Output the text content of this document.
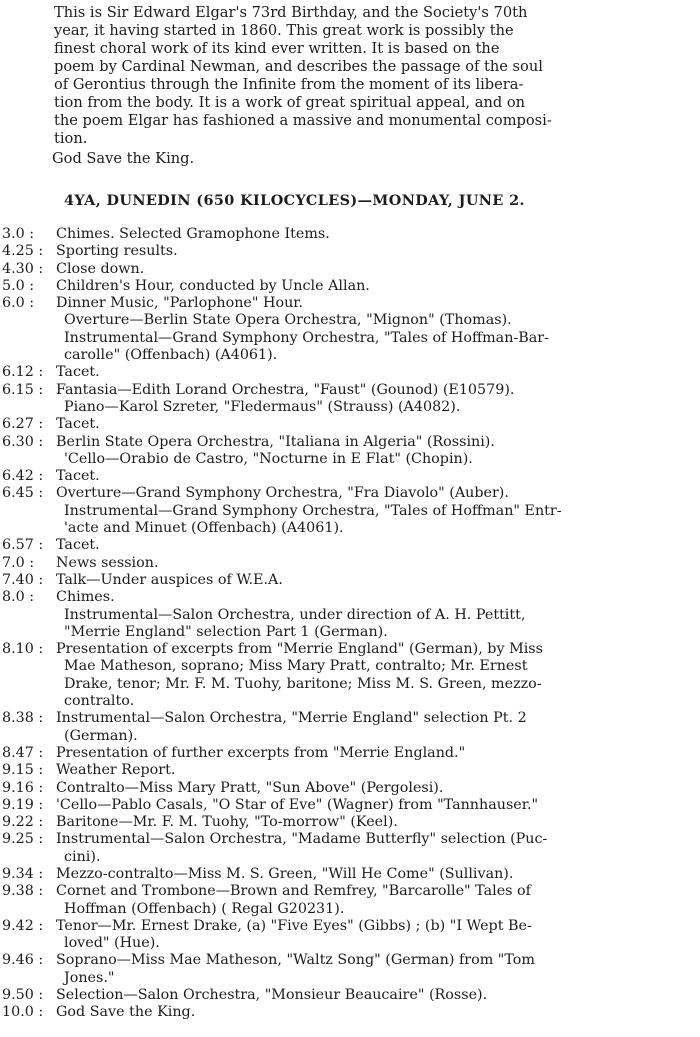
This is Sir Edward Elgar's 73rd Birthday, and the Society's 70th
year, it having started in 1860. This great work is possibly the
finest choral work of its kind ever written. It is based on the
poem by Cardinal Newman, and describes the passage of the soul
of Gerontius through the Infinite from the moment of its libera-
tion from the body. It is a work of great spiritual appeal, and on
the poem Elgar has fashioned a massive and monumental composi-
tion.
God Save the King.
4YA, DUNEDIN (650 KILOCYCLES)—MONDAY, JUNE 2.
3.0 :	Chimes. Selected Gramophone Items.
4.25 : Sporting results.
4.30 : Close down.
5.0 :	Children's Hour, conducted by Uncle Allan.
6.0 :	Dinner Music, "Parlophone" Hour.
Overture—Berlin State Opera Orchestra, "Mignon" (Thomas).
Instrumental—Grand Symphony Orchestra, "Tales of Hoffman-Bar-
carolle" (Offenbach) (A4061).
6.12 : Tacet.
6.15 : Fantasia—Edith Lorand Orchestra, "Faust" (Gounod) (E10579).
Piano—Karol Szreter, "Fledermaus" (Strauss) (A4082).
6.27 : Tacet.
6.30 : Berlin State Opera Orchestra, "Italiana in Algeria" (Rossini).
'Cello—Orabio de Castro, "Nocturne in E Flat" (Chopin).
6.42 : Tacet.
6.45 : Overture—Grand Symphony Orchestra, "Fra Diavolo" (Auber).
Instrumental—Grand Symphony Orchestra, "Tales of Hoffman" Entr-
'acte and Minuet (Offenbach) (A4061).
6.57 : Tacet.
7.0 :	News session.
7.40 : Talk—Under auspices of W.E.A.
8.0 :	Chimes.
Instrumental—Salon Orchestra, under direction of A. H. Pettitt,
"Merrie England" selection Part 1 (German).
8.10 : Presentation of excerpts from "Merrie England" (German), by Miss
Mae Matheson, soprano; Miss Mary Pratt, contralto; Mr. Ernest
Drake, tenor; Mr. F. M. Tuohy, baritone; Miss M. S. Green, mezzo-
contralto.
8.38 : Instrumental—Salon Orchestra, "Merrie England" selection Pt. 2
(German).
8.47 : Presentation of further excerpts from "Merrie England."
9.15 : Weather Report.
9.16 : Contralto—Miss Mary Pratt, "Sun Above" (Pergolesi).
9.19 : 'Cello—Pablo Casals, "O Star of Eve" (Wagner) from "Tannhauser."
9.22 : Baritone—Mr. F. M. Tuohy, "To-morrow" (Keel).
9.25 : Instrumental—Salon Orchestra, "Madame Butterfly" selection (Puc-
cini).
9.34 : Mezzo-contralto—Miss M. S. Green, "Will He Come" (Sullivan).
9.38 : Cornet and Trombone—Brown and Remfrey, "Barcarolle" Tales of
Hoffman (Offenbach) ( Regal G20231).
9.42 : Tenor—Mr. Ernest Drake, (a) "Five Eyes" (Gibbs) ; (b) "I Wept Be-
loved" (Hue).
9.46 : Soprano—Miss Mae Matheson, "Waltz Song" (German) from "Tom
Jones."
9.50 : Selection—Salon Orchestra, "Monsieur Beaucaire" (Rosse).
10.0 : God Save the King.
